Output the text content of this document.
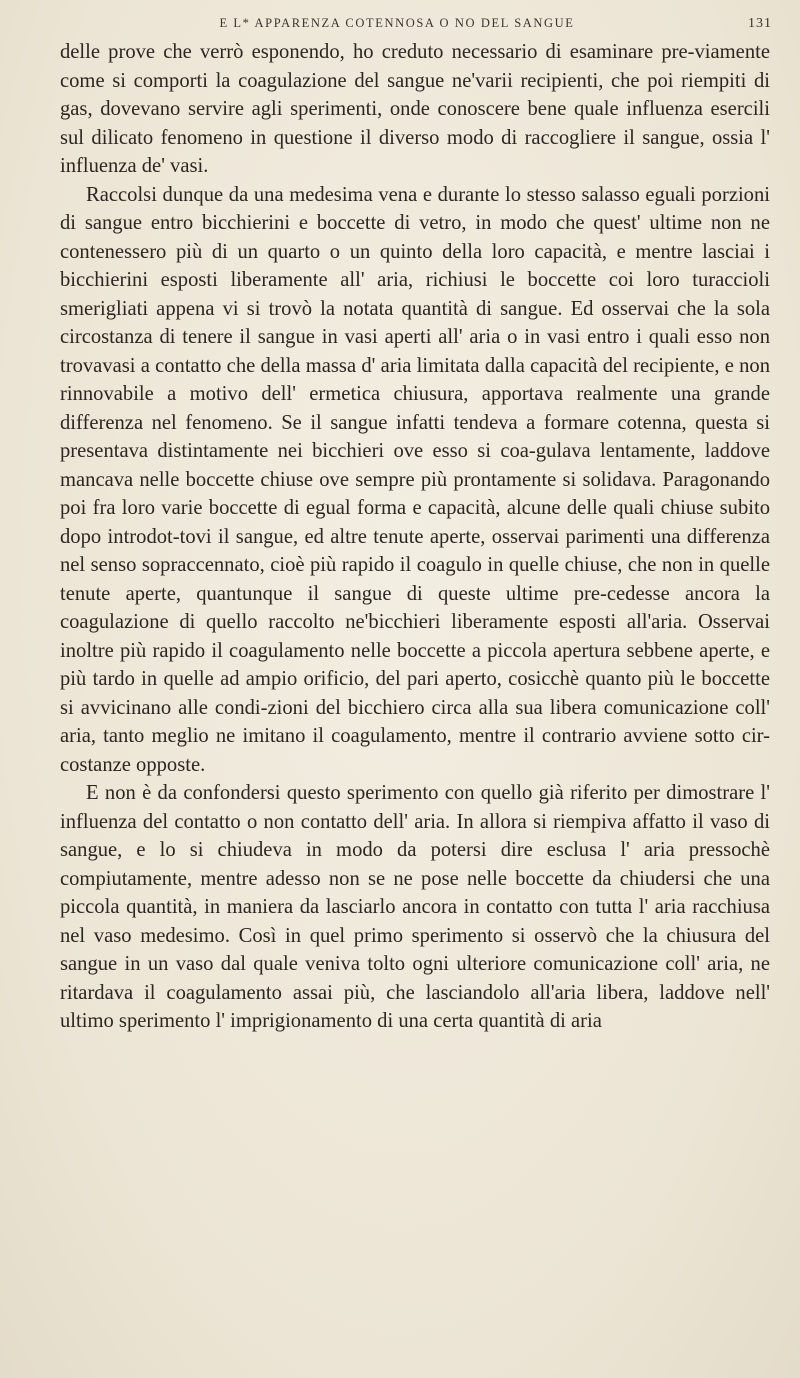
E L* APPARENZA COTENNOSA O NO DEL SANGUE	131

delle prove che verrò esponendo, ho creduto necessario di esaminare pre-viamente come si comporti la coagulazione del sangue ne'varii recipienti, che poi riempiti di gas, dovevano servire agli sperimenti, onde conoscere bene quale influenza esercili sul dilicato fenomeno in questione il diverso modo di raccogliere il sangue, ossia l' influenza de' vasi.

Raccolsi dunque da una medesima vena e durante lo stesso salasso eguali porzioni di sangue entro bicchierini e boccette di vetro, in modo che quest' ultime non ne contenessero più di un quarto o un quinto della loro capacità, e mentre lasciai i bicchierini esposti liberamente all' aria, richiusi le boccette coi loro turaccioli smerigliati appena vi si trovò la notata quantità di sangue. Ed osservai che la sola circostanza di tenere il sangue in vasi aperti all' aria o in vasi entro i quali esso non trovavasi a contatto che della massa d' aria limitata dalla capacità del recipiente, e non rinnovabile a motivo dell' ermetica chiusura, apportava realmente una grande differenza nel fenomeno. Se il sangue infatti tendeva a formare cotenna, questa si presentava distintamente nei bicchieri ove esso si coa-gulava lentamente, laddove mancava nelle boccette chiuse ove sempre più prontamente si solidava. Paragonando poi fra loro varie boccette di egual forma e capacità, alcune delle quali chiuse subito dopo introdot-tovi il sangue, ed altre tenute aperte, osservai parimenti una differenza nel senso sopraccennato, cioè più rapido il coagulo in quelle chiuse, che non in quelle tenute aperte, quantunque il sangue di queste ultime pre-cedesse ancora la coagulazione di quello raccolto ne'bicchieri liberamente esposti all'aria. Osservai inoltre più rapido il coagulamento nelle boccette a piccola apertura sebbene aperte, e più tardo in quelle ad ampio orificio, del pari aperto, cosicchè quanto più le boccette si avvicinano alle condi-zioni del bicchiero circa alla sua libera comunicazione coll' aria, tanto meglio ne imitano il coagulamento, mentre il contrario avviene sotto cir-costanze opposte.

E non è da confondersi questo sperimento con quello già riferito per dimostrare l' influenza del contatto o non contatto dell' aria. In allora si riempiva affatto il vaso di sangue, e lo si chiudeva in modo da potersi dire esclusa l' aria pressochè compiutamente, mentre adesso non se ne pose nelle boccette da chiudersi che una piccola quantità, in maniera da lasciarlo ancora in contatto con tutta l' aria racchiusa nel vaso medesimo. Così in quel primo sperimento si osservò che la chiusura del sangue in un vaso dal quale veniva tolto ogni ulteriore comunicazione coll' aria, ne ritardava il coagulamento assai più, che lasciandolo all'aria libera, laddove nell' ultimo sperimento l' imprigionamento di una certa quantità di aria
